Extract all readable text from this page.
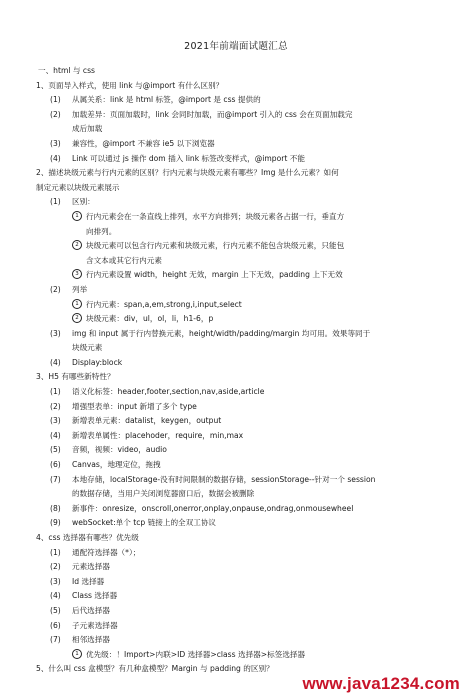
2021年前端面试题汇总
一、html 与 css
1、页面导入样式，使用 link 与@import 有什么区别？
(1) 从属关系：link 是 html 标签，@import 是 css 提供的
(2) 加载差异：页面加载时，link 会同时加载，而@import 引入的 css 会在页面加载完
成后加载
(3) 兼容性，@import 不兼容 ie5 以下浏览器
(4) Link 可以通过 js 操作 dom 插入 link 标签改变样式，@import 不能
2、描述块级元素与行内元素的区别？行内元素与块级元素有哪些？Img 是什么元素？如何
制定元素以块级元素展示
(1) 区别：
1 行内元素会在一条直线上排列，水平方向排列；块级元素各占据一行，垂直方
向排列。
2 块级元素可以包含行内元素和块级元素，行内元素不能包含块级元素，只能包
含文本或其它行内元素
3 行内元素设置 width，height 无效，margin 上下无效，padding 上下无效
(2) 列举
1 行内元素：span,a,em,strong,i,input,select
2 块级元素：div，ul，ol，li，h1-6，p
(3) img 和 input 属于行内替换元素，height/width/padding/margin 均可用。效果等同于
块级元素
(4) Display:block
3、H5 有哪些新特性？
(1) 语义化标签：header,footer,section,nav,aside,article
(2) 增强型表单：input 新增了多个 type
(3) 新增表单元素：datalist，keygen，output
(4) 新增表单属性：placehoder，require，min,max
(5) 音频，视频：video，audio
(6) Canvas，地理定位，拖拽
(7) 本地存储，localStorage-没有时间限制的数据存储，sessionStorage--针对一个 session
的数据存储，当用户关闭浏览器窗口后，数据会被删除
(8) 新事件：onresize，onscroll,onerror,onplay,onpause,ondrag,onmousewheel
(9) webSocket:单个 tcp 链接上的全双工协议
4、css 选择器有哪些？优先级
(1) 通配符选择器（*）；
(2) 元素选择器
(3) Id 选择器
(4) Class 选择器
(5) 后代选择器
(6) 子元素选择器
(7) 相邻选择器
1 优先级：！Import>内联>ID 选择器>class 选择器>标签选择器
5、什么叫 css 盒模型？有几种盒模型？Margin 与 padding 的区别？
www.java1234.com
